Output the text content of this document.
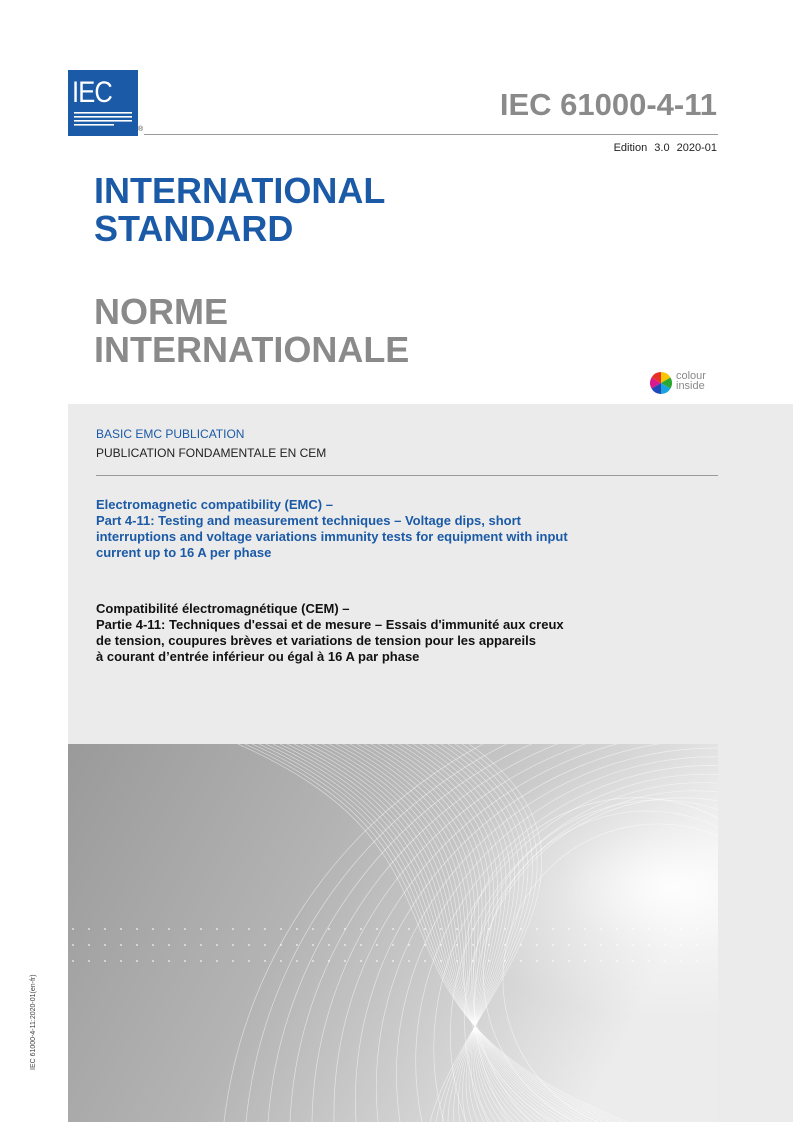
IEC
®
IEC 61000-4-11
Edition 3.0 2020-01
INTERNATIONAL
STANDARD
NORME
INTERNATIONALE
colour
inside
BASIC EMC PUBLICATION
PUBLICATION FONDAMENTALE EN CEM
Electromagnetic compatibility (EMC) –
Part 4-11: Testing and measurement techniques – Voltage dips, short
interruptions and voltage variations immunity tests for equipment with input
current up to 16 A per phase
Compatibilité électromagnétique (CEM) –
Partie 4-11: Techniques d'essai et de mesure – Essais d'immunité aux creux
de tension, coupures brèves et variations de tension pour les appareils
à courant d’entrée inférieur ou égal à 16 A par phase
IEC 61000-4-11:2020-01(en-fr)
